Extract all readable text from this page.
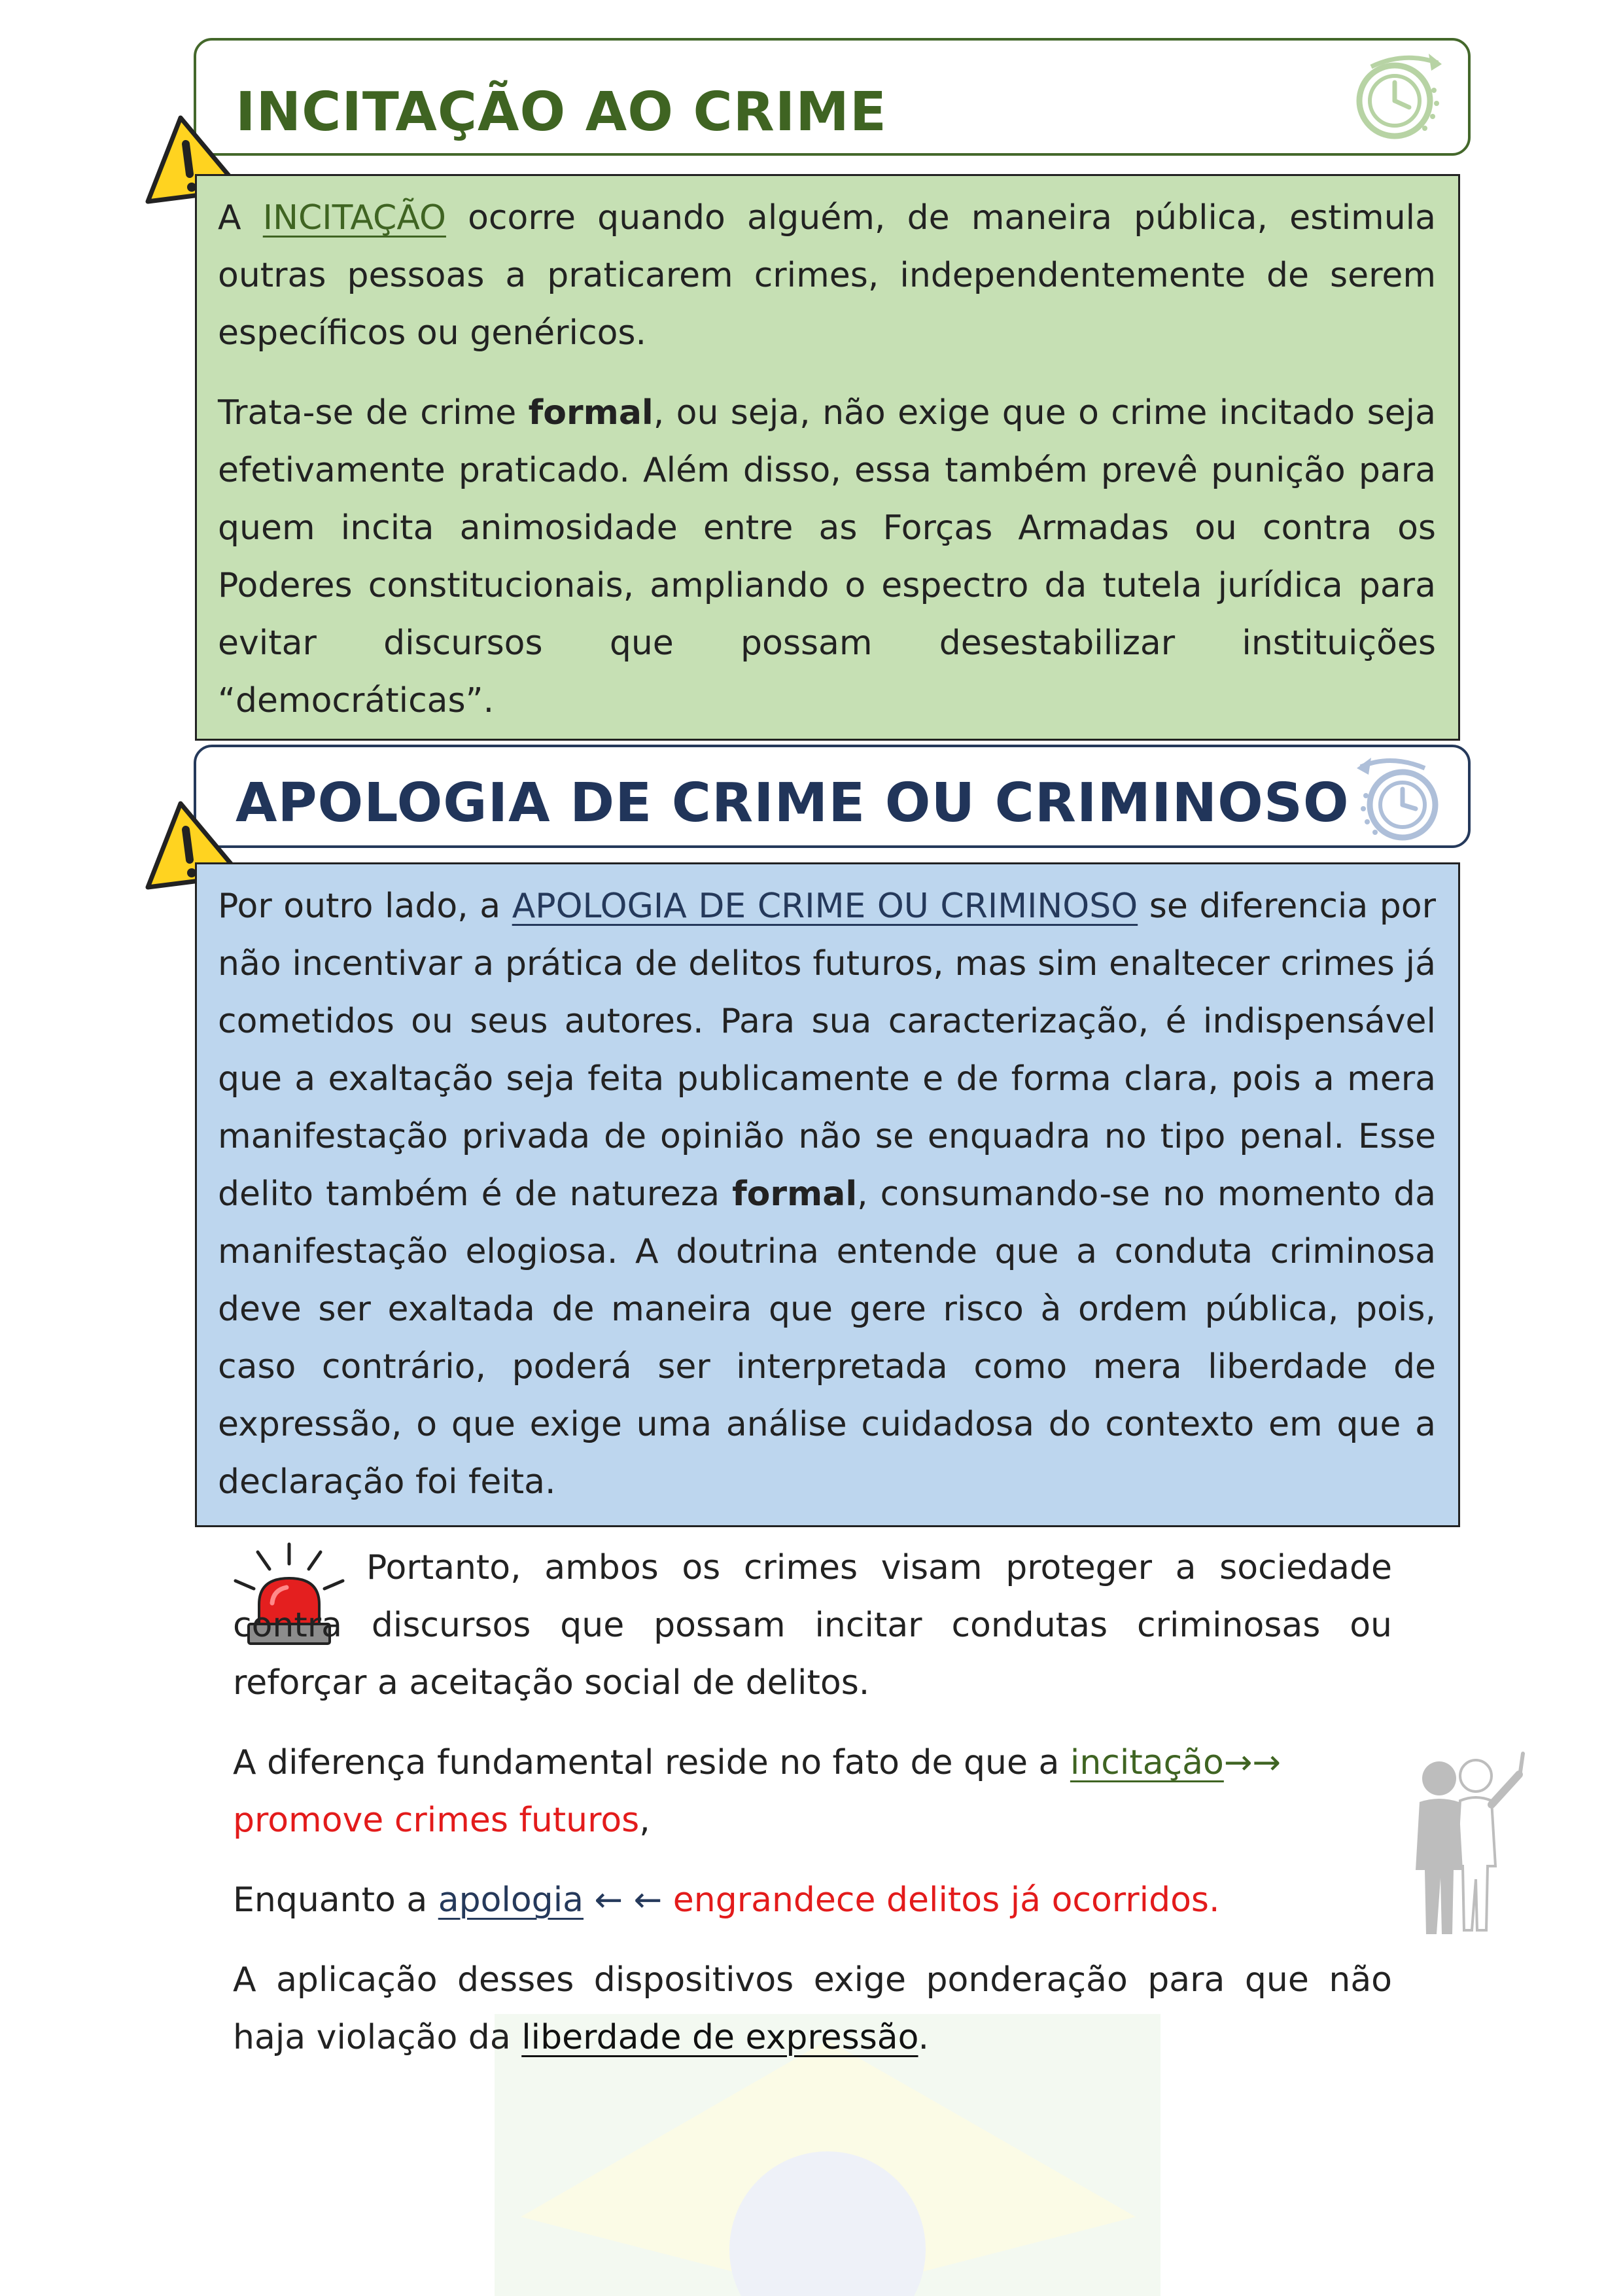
INCITAÇÃO AO CRIME

A INCITAÇÃO ocorre quando alguém, de maneira pública, estimula outras pessoas a praticarem crimes, independentemente de serem específicos ou genéricos.

Trata-se de crime formal, ou seja, não exige que o crime incitado seja efetivamente praticado. Além disso, essa também prevê punição para quem incita animosidade entre as Forças Armadas ou contra os Poderes constitucionais, ampliando o espectro da tutela jurídica para evitar discursos que possam desestabilizar instituições “democráticas”.

APOLOGIA DE CRIME OU CRIMINOSO

Por outro lado, a APOLOGIA DE CRIME OU CRIMINOSO se diferencia por não incentivar a prática de delitos futuros, mas sim enaltecer crimes já cometidos ou seus autores. Para sua caracterização, é indispensável que a exaltação seja feita publicamente e de forma clara, pois a mera manifestação privada de opinião não se enquadra no tipo penal. Esse delito também é de natureza formal, consumando-se no momento da manifestação elogiosa. A doutrina entende que a conduta criminosa deve ser exaltada de maneira que gere risco à ordem pública, pois, caso contrário, poderá ser interpretada como mera liberdade de expressão, o que exige uma análise cuidadosa do contexto em que a declaração foi feita.

Portanto, ambos os crimes visam proteger a sociedade contra discursos que possam incitar condutas criminosas ou reforçar a aceitação social de delitos.

A diferença fundamental reside no fato de que a incitação→→
promove crimes futuros,

Enquanto a apologia ← ← engrandece delitos já ocorridos.

A aplicação desses dispositivos exige ponderação para que não haja violação da liberdade de expressão.
